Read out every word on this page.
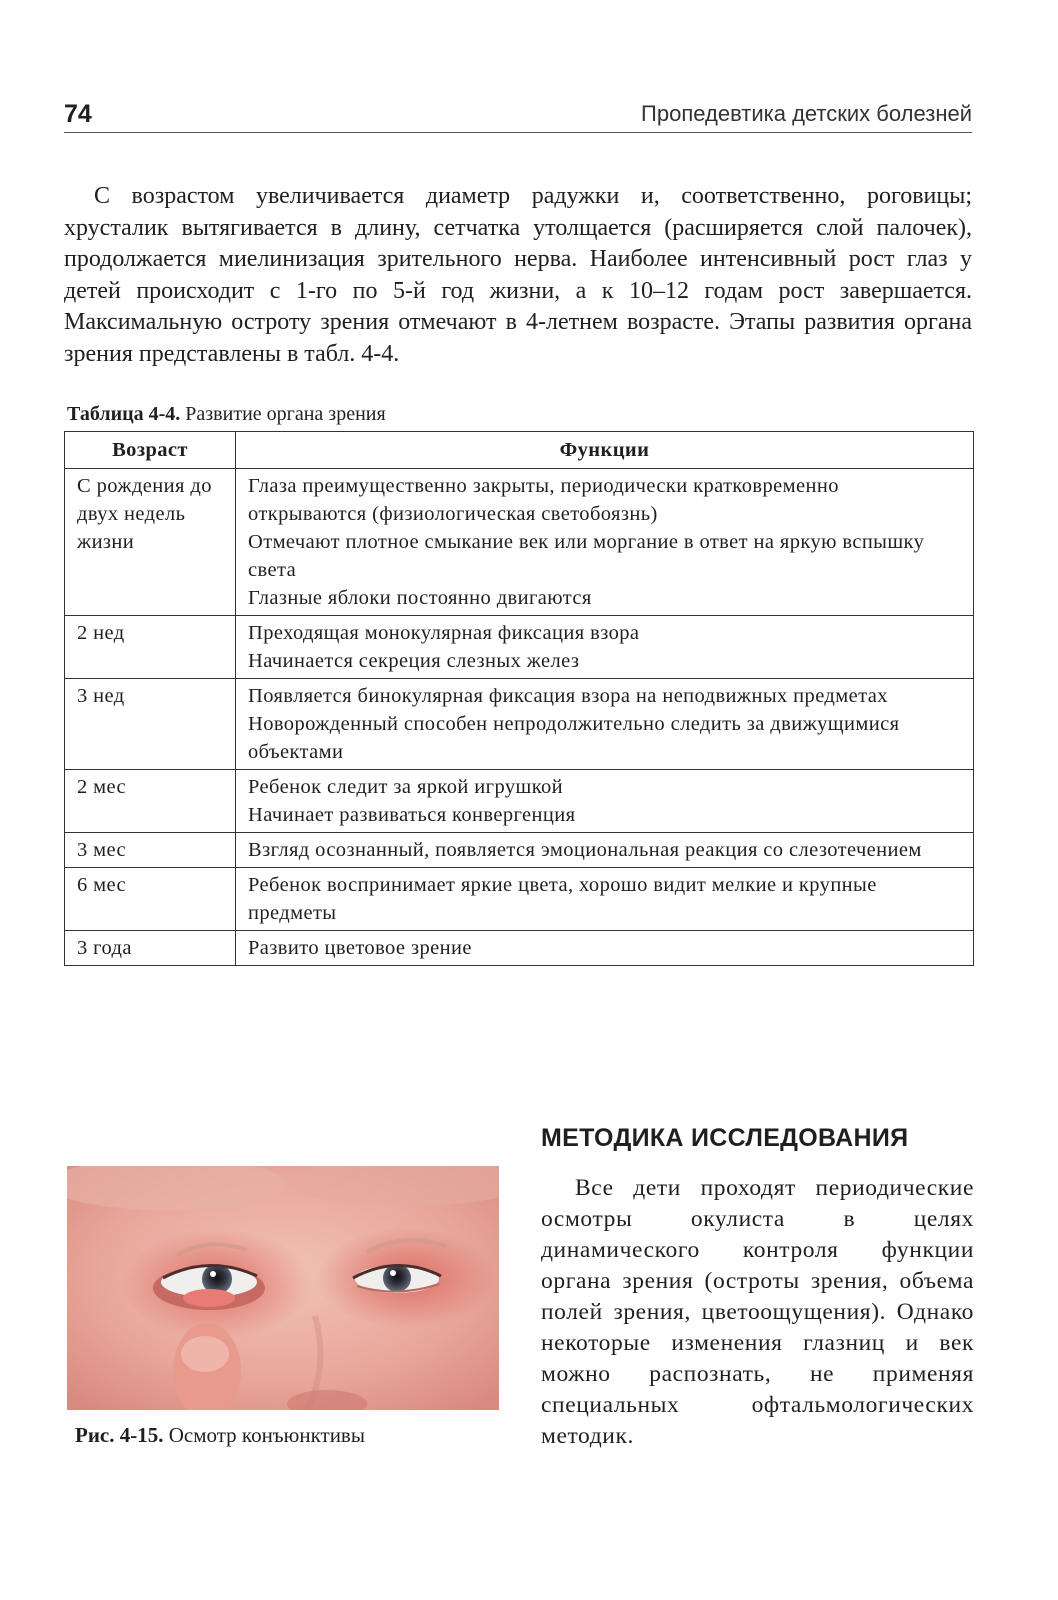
74	Пропедевтика детских болезней

С возрастом увеличивается диаметр радужки и, соответственно, роговицы; хрусталик вытягивается в длину, сетчатка утолщается (расширяется слой палочек), продолжается миелинизация зрительного нерва. Наиболее интенсивный рост глаз у детей происходит с 1-го по 5-й год жизни, а к 10–12 годам рост завершается. Максимальную остроту зрения отмечают в 4-летнем возрасте. Этапы развития органа зрения представлены в табл. 4-4.

Таблица 4-4. Развитие органа зрения
Возраст	Функции
С рождения до двух недель жизни	Глаза преимущественно закрыты, периодически кратковременно открываются (физиологическая светобоязнь)
Отмечают плотное смыкание век или моргание в ответ на яркую вспышку света
Глазные яблоки постоянно двигаются

2 нед	Преходящая монокулярная фиксация взора
Начинается секреция слезных желез

3 нед	Появляется бинокулярная фиксация взора на неподвижных предметах
Новорожденный способен непродолжительно следить за движущимися объектами

2 мес	Ребенок следит за яркой игрушкой
Начинает развиваться конвергенция

3 мес	Взгляд осознанный, появляется эмоциональная реакция со слезотечением

6 мес	Ребенок воспринимает яркие цвета, хорошо видит мелкие и крупные предметы

3 года	Развито цветовое зрение
Рис. 4-15. Осмотр конъюнктивы
МЕТОДИКА ИССЛЕДОВАНИЯ

Все дети проходят периодические осмотры окулиста в целях динамического контроля функции органа зрения (остроты зрения, объема полей зрения, цветоощущения). Однако некоторые изменения глазниц и век можно распознать, не применяя специальных офтальмологических методик.
